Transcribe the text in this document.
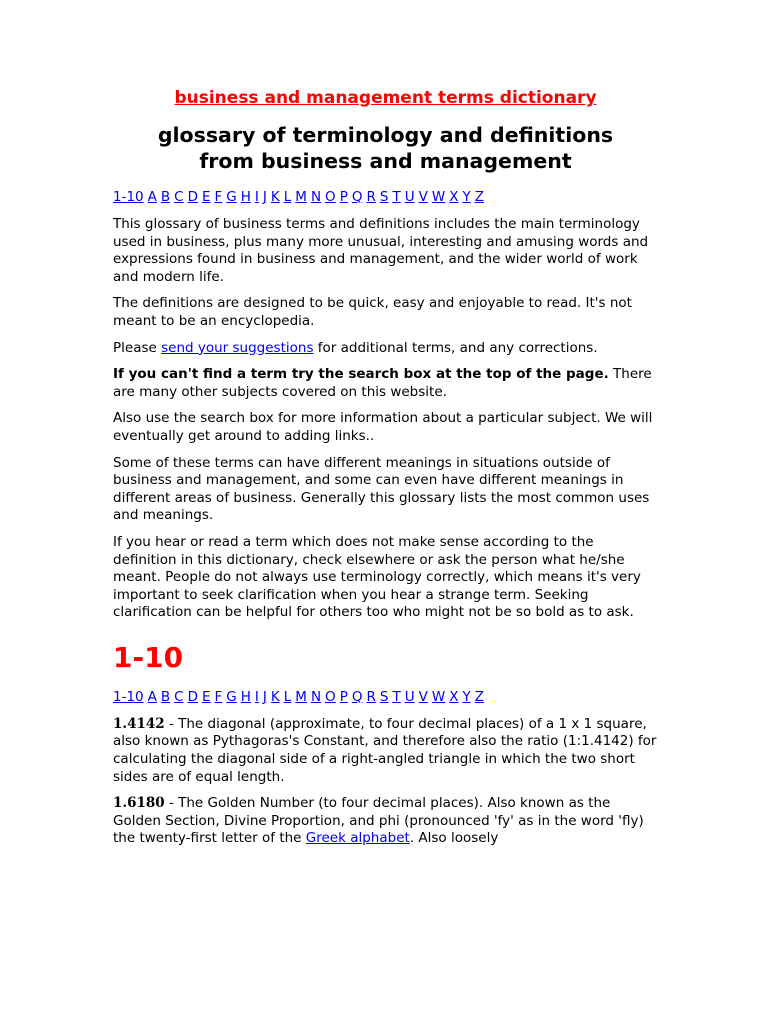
business and management terms dictionary
glossary of terminology and definitions
from business and management
1-10 A B C D E F G H I J K L M N O P Q R S T U V W X Y Z

This glossary of business terms and definitions includes the main terminology used in business, plus many more unusual, interesting and amusing words and expressions found in business and management, and the wider world of work and modern life.

The definitions are designed to be quick, easy and enjoyable to read. It's not meant to be an encyclopedia.

Please send your suggestions for additional terms, and any corrections.

If you can't find a term try the search box at the top of the page. There are many other subjects covered on this website.

Also use the search box for more information about a particular subject. We will eventually get around to adding links..

Some of these terms can have different meanings in situations outside of business and management, and some can even have different meanings in different areas of business. Generally this glossary lists the most common uses and meanings.

If you hear or read a term which does not make sense according to the definition in this dictionary, check elsewhere or ask the person what he/she meant. People do not always use terminology correctly, which means it's very important to seek clarification when you hear a strange term. Seeking clarification can be helpful for others too who might not be so bold as to ask.

1-10
1-10 A B C D E F G H I J K L M N O P Q R S T U V W X Y Z

1.4142 - The diagonal (approximate, to four decimal places) of a 1 x 1 square, also known as Pythagoras's Constant, and therefore also the ratio (1:1.4142) for calculating the diagonal side of a right-angled triangle in which the two short sides are of equal length.

1.6180 - The Golden Number (to four decimal places). Also known as the Golden Section, Divine Proportion, and phi (pronounced 'fy' as in the word 'fly) the twenty-first letter of the Greek alphabet. Also loosely
